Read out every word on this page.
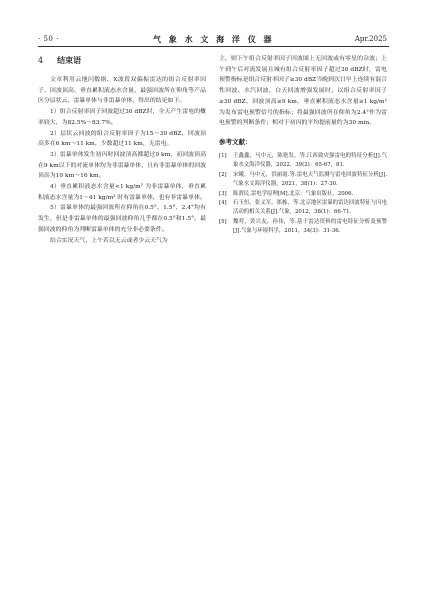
· 50 ·	气 象 水 文 海 洋 仪 器	Apr.2025
4 结束语

文章利用云地闪数据、X波段双偏振雷达的组合反射率因子、回波顶高、垂直累积液态水含量、最强回波所在仰角等产品区分层状云、雷暴单体与非雷暴单体，得出的结论如下。

1）组合反射率因子回波超过30 dBZ时，全天产生雷电的概率较大，为82.5%～83.7%。

2）层状云回波的组合反射率因子为15～30 dBZ，回波顶高多在6 km～11 km，少数超过11 km，无雷电。

3）雷暴单体发生初闪时回波顶高都超过9 km，而回波顶高在9 km以下的对流单体均为非雷暴单体，且有非雷暴单体的回波顶高为10 km～16 km。

4）垂直累积液态水含量<1 kg/m² 为非雷暴单体，垂直累积液态水含量为1～41 kg/m² 时有雷暴单体，也有非雷暴单体。

5）雷暴单体的最强回波所在仰角在0.5°、1.5°、2.4°均有发生，但是非雷暴单体的最强回波仰角几乎都在0.5°和1.5°。最强回波的仰角为判断雷暴单体的充分非必要条件。

结合实况天气，上午若以无云或者少云天气为

主，则下午组合反射率因子回波图上无回波或有零星的杂波；上午到午后对流发展且城有组合反射率因子超过30 dBZ时，雷电预警指标是组合反射率因子≥30 dBZ当晚到次日早上连续有混合性回波、水汽回波，白天回波增强发展时，以组合反射率因子≥30 dBZ、回波顶高≥9 km，垂直累积液态水含量≥1 kg/m² 为发布雷电预警信号的指标；将最强回波所在仰角为2.4°作为雷电预警的判断条件；相对于初闪的平均提前量约为30 min。

参考文献：
[1]	王鑫鑫，马中元，陈艳发，等.江西致灾强雷电的特征分析[J].气象水文海洋仪器，2022，39(2)：65-67，81.
[2]	宋曦，马中元，洪丽霞.等.雷电天气监测与雷电回波特征分析[J].气象水文海洋仪器，2021，38(1)：27-30.
[3]	陈渭民.雷电学原理[M].北京：气象出版社，2006.
[4]	石玉恒，张义军，郑栋，等.北京地区雷暴的雷达回波特征与闪电活动的相关关系[J].气象，2012，38(1)：66-71.
[5]	魏莺，黄兴友，孙伟，等.基于雷达资料的雷电特征分析及预警[J].气象与环境科学，2011，34(3)：31-36.
